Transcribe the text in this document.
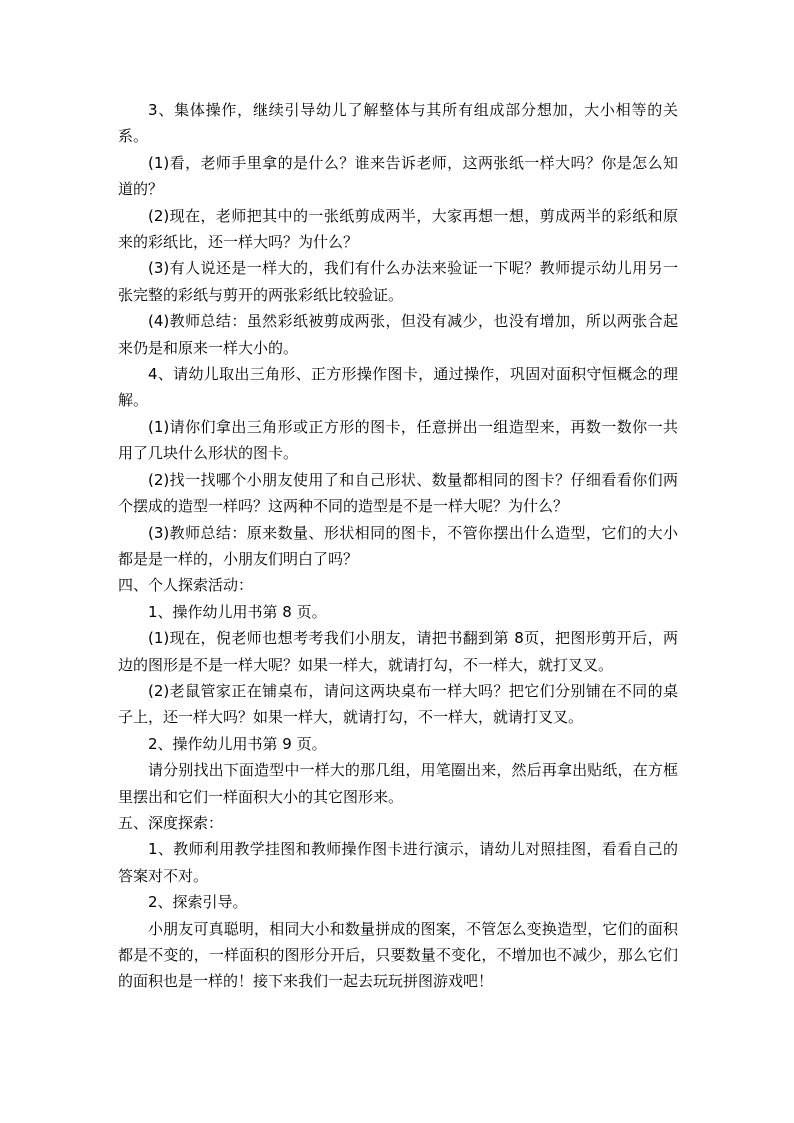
3、集体操作，继续引导幼儿了解整体与其所有组成部分想加，大小相等的关系。

(1)看，老师手里拿的是什么？谁来告诉老师，这两张纸一样大吗？你是怎么知道的？

(2)现在，老师把其中的一张纸剪成两半，大家再想一想，剪成两半的彩纸和原来的彩纸比，还一样大吗？为什么？

(3)有人说还是一样大的，我们有什么办法来验证一下呢？教师提示幼儿用另一张完整的彩纸与剪开的两张彩纸比较验证。

(4)教师总结：虽然彩纸被剪成两张，但没有减少，也没有增加，所以两张合起来仍是和原来一样大小的。

4、请幼儿取出三角形、正方形操作图卡，通过操作，巩固对面积守恒概念的理解。

(1)请你们拿出三角形或正方形的图卡，任意拼出一组造型来，再数一数你一共用了几块什么形状的图卡。

(2)找一找哪个小朋友使用了和自己形状、数量都相同的图卡？仔细看看你们两个摆成的造型一样吗？这两种不同的造型是不是一样大呢？为什么？

(3)教师总结：原来数量、形状相同的图卡，不管你摆出什么造型，它们的大小都是是一样的，小朋友们明白了吗？

四、个人探索活动：

1、操作幼儿用书第 8 页。

(1)现在，倪老师也想考考我们小朋友，请把书翻到第 8页，把图形剪开后，两边的图形是不是一样大呢？如果一样大，就请打勾，不一样大，就打叉叉。

(2)老鼠管家正在铺桌布，请问这两块桌布一样大吗？把它们分别铺在不同的桌子上，还一样大吗？如果一样大，就请打勾，不一样大，就请打叉叉。

2、操作幼儿用书第 9 页。

请分别找出下面造型中一样大的那几组，用笔圈出来，然后再拿出贴纸，在方框里摆出和它们一样面积大小的其它图形来。

五、深度探索：

1、教师利用教学挂图和教师操作图卡进行演示，请幼儿对照挂图，看看自己的答案对不对。

2、探索引导。

小朋友可真聪明，相同大小和数量拼成的图案，不管怎么变换造型，它们的面积都是不变的，一样面积的图形分开后，只要数量不变化，不增加也不减少，那么它们的面积也是一样的！接下来我们一起去玩玩拼图游戏吧！
